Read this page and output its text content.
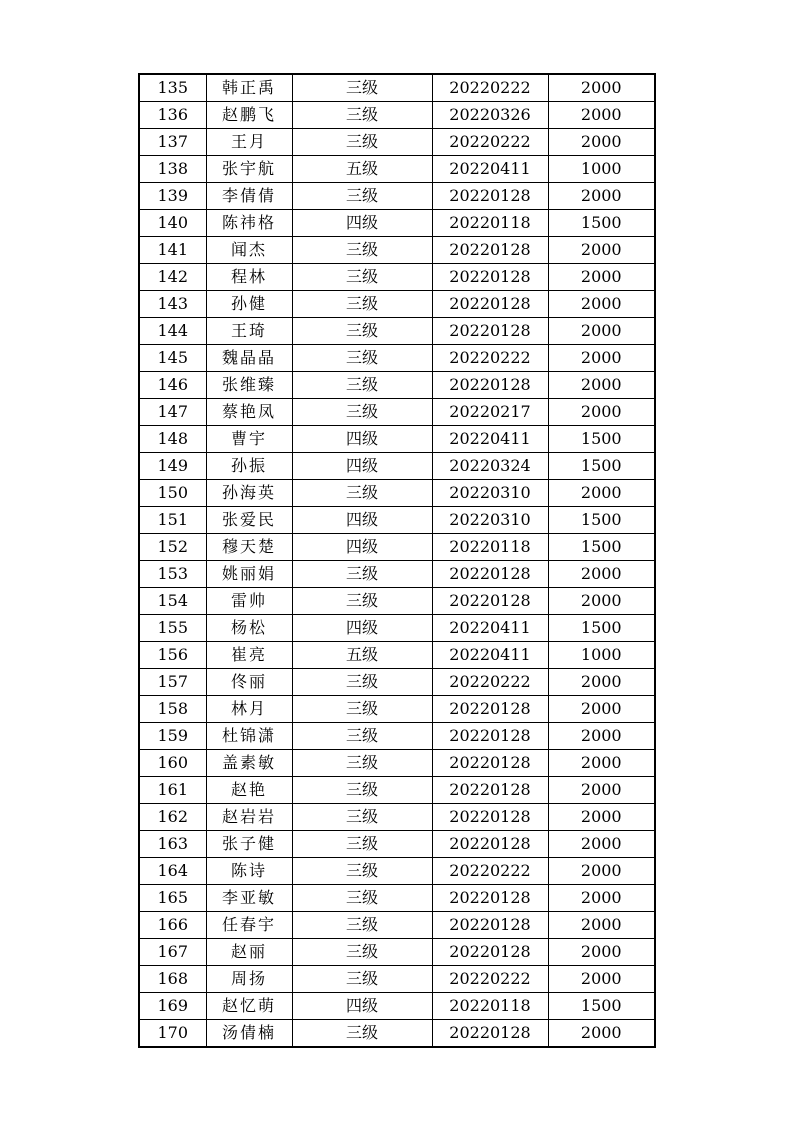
135	韩正禹	三级	20220222	2000
136	赵鹏飞	三级	20220326	2000
137	王月	三级	20220222	2000
138	张宇航	五级	20220411	1000
139	李倩倩	三级	20220128	2000
140	陈祎格	四级	20220118	1500
141	闻杰	三级	20220128	2000
142	程林	三级	20220128	2000
143	孙健	三级	20220128	2000
144	王琦	三级	20220128	2000
145	魏晶晶	三级	20220222	2000
146	张维臻	三级	20220128	2000
147	蔡艳凤	三级	20220217	2000
148	曹宇	四级	20220411	1500
149	孙振	四级	20220324	1500
150	孙海英	三级	20220310	2000
151	张爱民	四级	20220310	1500
152	穆天楚	四级	20220118	1500
153	姚丽娟	三级	20220128	2000
154	雷帅	三级	20220128	2000
155	杨松	四级	20220411	1500
156	崔亮	五级	20220411	1000
157	佟丽	三级	20220222	2000
158	林月	三级	20220128	2000
159	杜锦潇	三级	20220128	2000
160	盖素敏	三级	20220128	2000
161	赵艳	三级	20220128	2000
162	赵岩岩	三级	20220128	2000
163	张子健	三级	20220128	2000
164	陈诗	三级	20220222	2000
165	李亚敏	三级	20220128	2000
166	任春宇	三级	20220128	2000
167	赵丽	三级	20220128	2000
168	周扬	三级	20220222	2000
169	赵忆萌	四级	20220118	1500
170	汤倩楠	三级	20220128	2000
